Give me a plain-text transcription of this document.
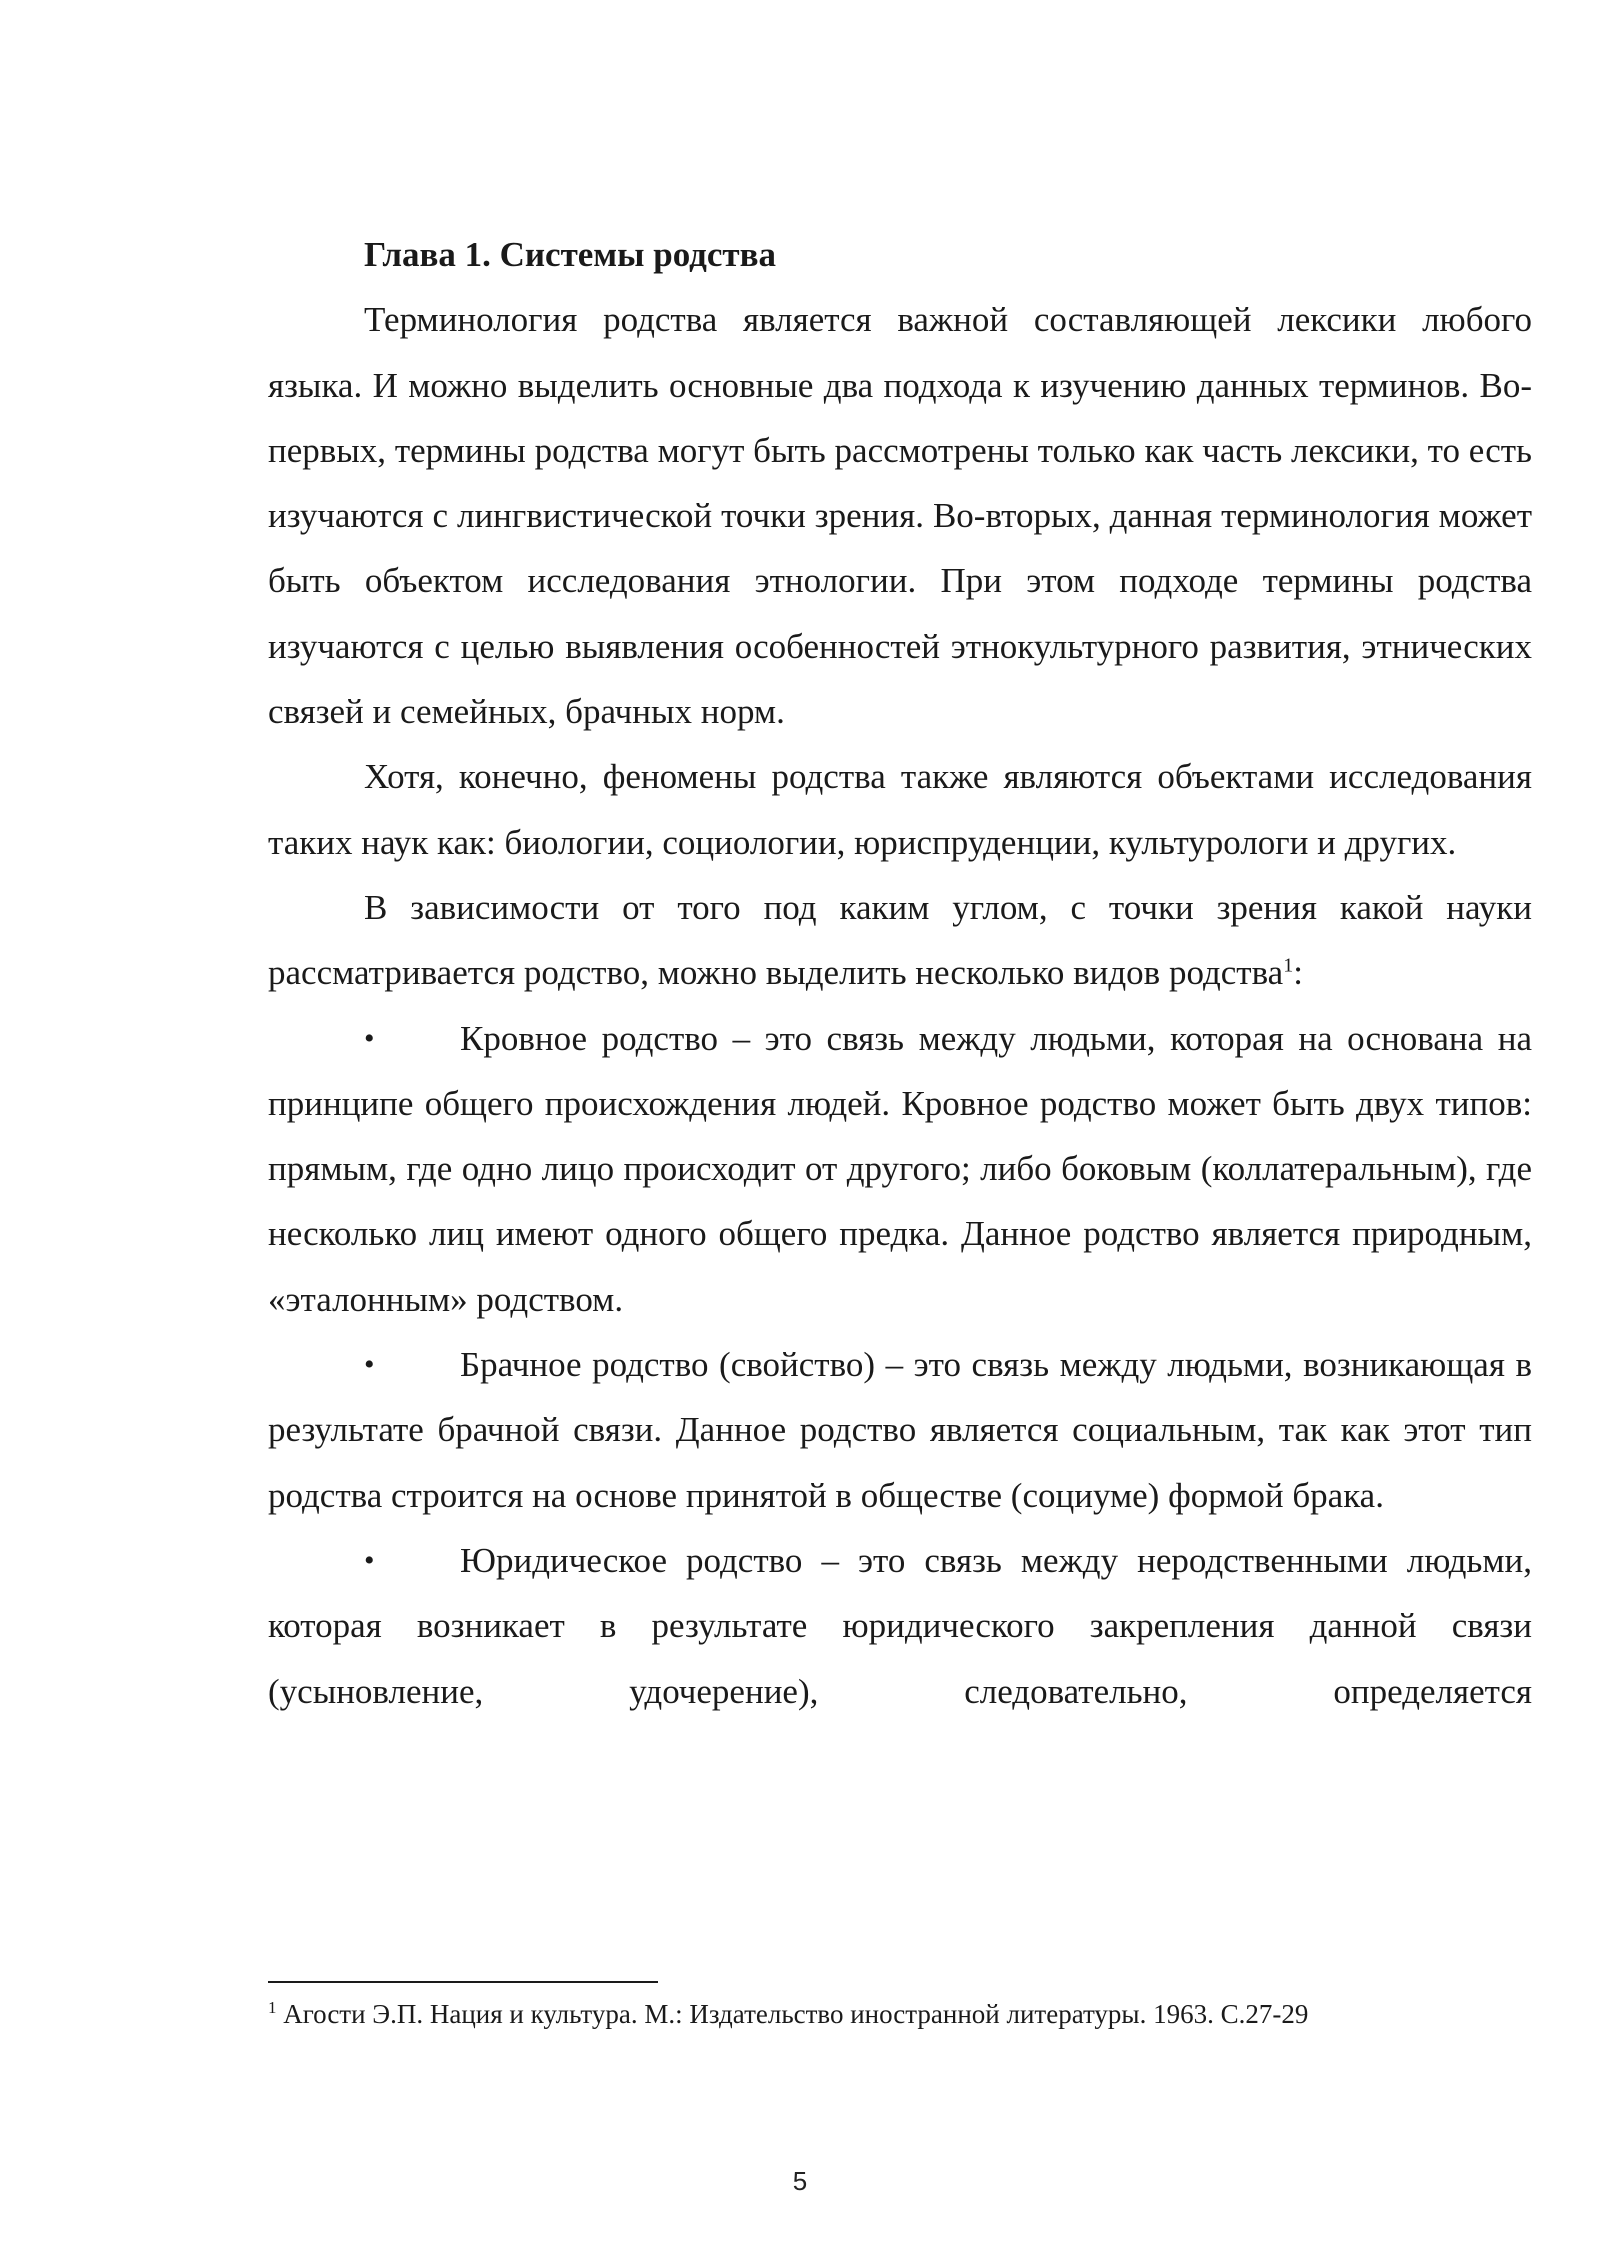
Глава 1. Системы родства

Терминология родства является важной составляющей лексики любого языка. И можно выделить основные два подхода к изучению данных терминов. Во-первых, термины родства могут быть рассмотрены только как часть лексики, то есть изучаются с лингвистической точки зрения. Во-вторых, данная терминология может быть объектом исследования этнологии. При этом подходе термины родства изучаются с целью выявления особенностей этнокультурного развития, этнических связей и семейных, брачных норм.

Хотя, конечно, феномены родства также являются объектами исследования таких наук как: биологии, социологии, юриспруденции, культурологи и других.

В зависимости от того под каким углом, с точки зрения какой науки рассматривается родство, можно выделить несколько видов родства$^1$:

•	Кровное родство – это связь между людьми, которая на основана на принципе общего происхождения людей. Кровное родство может быть двух типов: прямым, где одно лицо происходит от другого; либо боковым (коллатеральным), где несколько лиц имеют одного общего предка. Данное родство является природным, «эталонным» родством.

•	Брачное родство (свойство) – это связь между людьми, возникающая в результате брачной связи. Данное родство является социальным, так как этот тип родства строится на основе принятой в обществе (социуме) формой брака.

•	Юридическое родство – это связь между неродственными людьми, которая возникает в результате юридического закрепления данной связи (усыновление, удочерение), следовательно, определяется

$^1$ Агости Э.П. Нация и культура. М.: Издательство иностранной литературы. 1963. С.27-29
5
